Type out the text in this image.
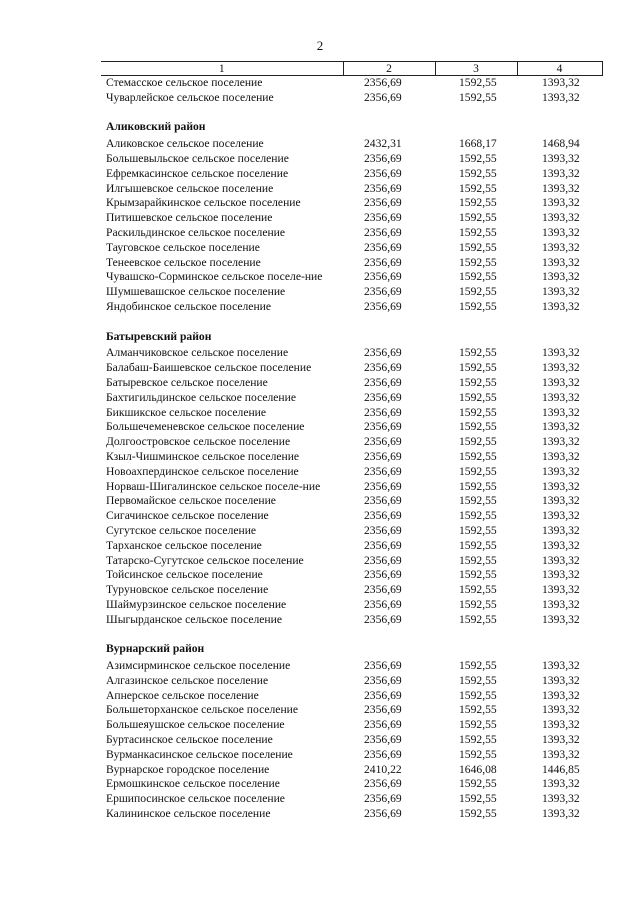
2
1	2	3	4
Стемасское сельское поселение	2356,69	1592,55	1393,32
Чуварлейское сельское поселение	2356,69	1592,55	1393,32

Аликовский район			
Аликовское сельское поселение	2432,31	1668,17	1468,94
Большевыльское сельское поселение	2356,69	1592,55	1393,32
Ефремкасинское сельское поселение	2356,69	1592,55	1393,32
Илгышевское сельское поселение	2356,69	1592,55	1393,32
Крымзарайкинское сельское поселение	2356,69	1592,55	1393,32
Питишевское сельское поселение	2356,69	1592,55	1393,32
Раскильдинское сельское поселение	2356,69	1592,55	1393,32
Тауговское сельское поселение	2356,69	1592,55	1393,32
Тенеевское сельское поселение	2356,69	1592,55	1393,32
Чувашско-Сорминское сельское поселе-ние	2356,69	1592,55	1393,32
Шумшевашское сельское поселение	2356,69	1592,55	1393,32
Яндобинское сельское поселение	2356,69	1592,55	1393,32

Батыревский район			
Алманчиковское сельское поселение	2356,69	1592,55	1393,32
Балабаш-Баишевское сельское поселение	2356,69	1592,55	1393,32
Батыревское сельское поселение	2356,69	1592,55	1393,32
Бахтигильдинское сельское поселение	2356,69	1592,55	1393,32
Бикшикское сельское поселение	2356,69	1592,55	1393,32
Большечеменевское сельское поселение	2356,69	1592,55	1393,32
Долгоостровское сельское поселение	2356,69	1592,55	1393,32
Кзыл-Чишминское сельское поселение	2356,69	1592,55	1393,32
Новоахпердинское сельское поселение	2356,69	1592,55	1393,32
Норваш-Шигалинское сельское поселе-ние	2356,69	1592,55	1393,32
Первомайское сельское поселение	2356,69	1592,55	1393,32
Сигачинское сельское поселение	2356,69	1592,55	1393,32
Сугутское сельское поселение	2356,69	1592,55	1393,32
Тарханское сельское поселение	2356,69	1592,55	1393,32
Татарско-Сугутское сельское поселение	2356,69	1592,55	1393,32
Тойсинское сельское поселение	2356,69	1592,55	1393,32
Туруновское сельское поселение	2356,69	1592,55	1393,32
Шаймурзинское сельское поселение	2356,69	1592,55	1393,32
Шыгырданское сельское поселение	2356,69	1592,55	1393,32

Вурнарский район			
Азимсирминское сельское поселение	2356,69	1592,55	1393,32
Алгазинское сельское поселение	2356,69	1592,55	1393,32
Апнерское сельское поселение	2356,69	1592,55	1393,32
Большеторханское сельское поселение	2356,69	1592,55	1393,32
Большеяушское сельское поселение	2356,69	1592,55	1393,32
Буртасинское сельское поселение	2356,69	1592,55	1393,32
Вурманкасинское сельское поселение	2356,69	1592,55	1393,32
Вурнарское городское поселение	2410,22	1646,08	1446,85
Ермошкинское сельское поселение	2356,69	1592,55	1393,32
Ершипосинское сельское поселение	2356,69	1592,55	1393,32
Калининское сельское поселение	2356,69	1592,55	1393,32
